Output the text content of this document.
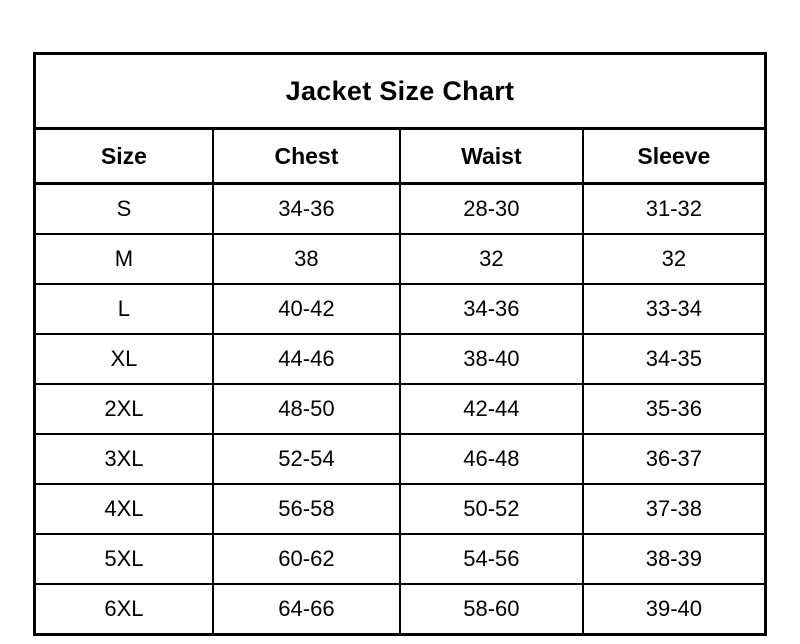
Jacket Size Chart			
Size	Chest	Waist	Sleeve
S	34-36	28-30	31-32
M	38	32	32
L	40-42	34-36	33-34
XL	44-46	38-40	34-35
2XL	48-50	42-44	35-36
3XL	52-54	46-48	36-37
4XL	56-58	50-52	37-38
5XL	60-62	54-56	38-39
6XL	64-66	58-60	39-40
